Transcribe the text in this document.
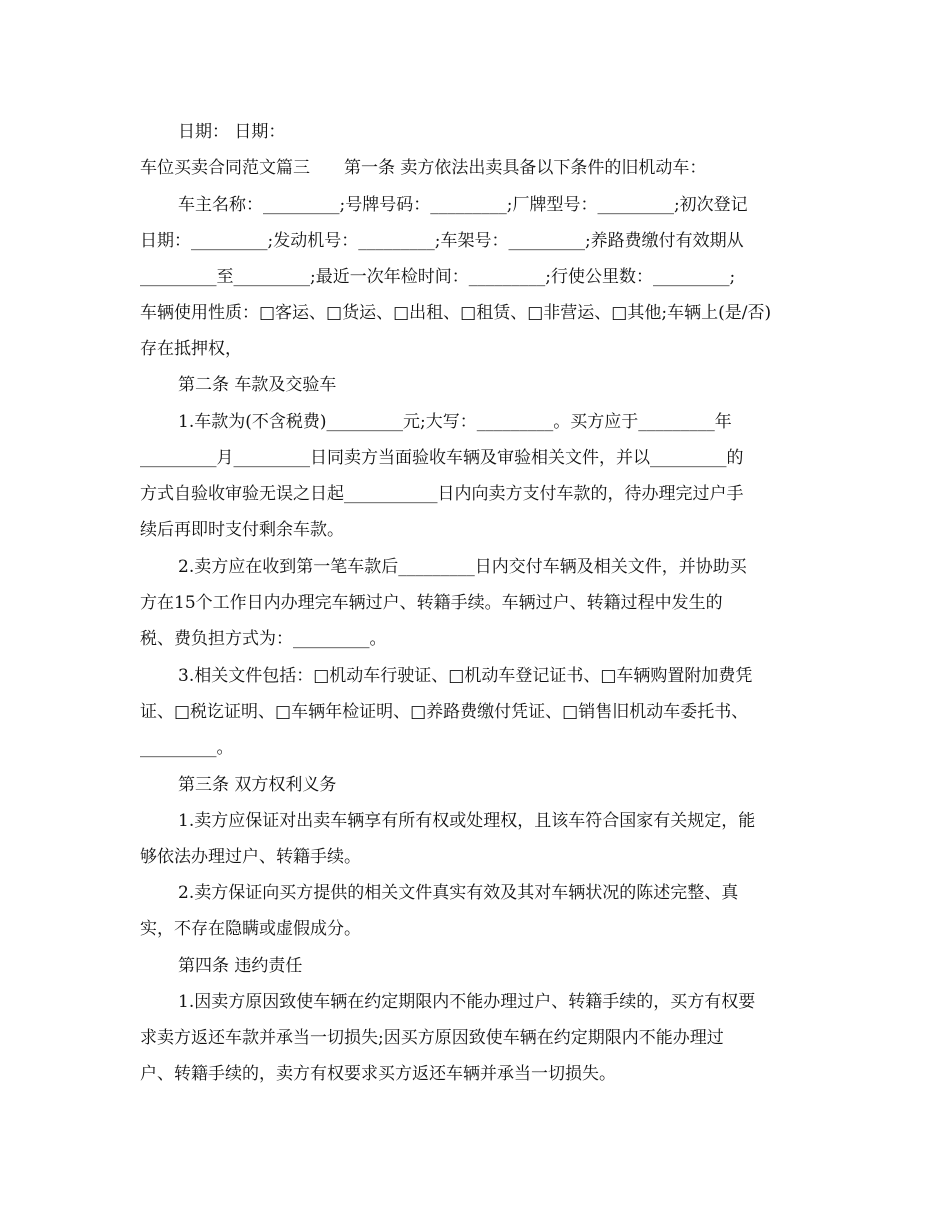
日期： 日期：
车位买卖合同范文篇三　　第一条 卖方依法出卖具备以下条件的旧机动车：
车主名称：_________;号牌号码：_________;厂牌型号：_________;初次登记
日期：_________;发动机号：_________;车架号：_________;养路费缴付有效期从
_________至_________;最近一次年检时间：_________;行使公里数：_________;
车辆使用性质：□客运、□货运、□出租、□租赁、□非营运、□其他;车辆上(是/否)
存在抵押权，
第二条 车款及交验车
1.车款为(不含税费)_________元;大写：_________。买方应于_________年
_________月_________日同卖方当面验收车辆及审验相关文件，并以_________的
方式自验收审验无误之日起___________日内向卖方支付车款的，待办理完过户手
续后再即时支付剩余车款。
2.卖方应在收到第一笔车款后_________日内交付车辆及相关文件，并协助买
方在15个工作日内办理完车辆过户、转籍手续。车辆过户、转籍过程中发生的
税、费负担方式为：_________。
3.相关文件包括：□机动车行驶证、□机动车登记证书、□车辆购置附加费凭
证、□税讫证明、□车辆年检证明、□养路费缴付凭证、□销售旧机动车委托书、
_________。
第三条 双方权利义务
1.卖方应保证对出卖车辆享有所有权或处理权，且该车符合国家有关规定，能
够依法办理过户、转籍手续。
2.卖方保证向买方提供的相关文件真实有效及其对车辆状况的陈述完整、真
实，不存在隐瞒或虚假成分。
第四条 违约责任
1.因卖方原因致使车辆在约定期限内不能办理过户、转籍手续的，买方有权要
求卖方返还车款并承当一切损失;因买方原因致使车辆在约定期限内不能办理过
户、转籍手续的，卖方有权要求买方返还车辆并承当一切损失。
